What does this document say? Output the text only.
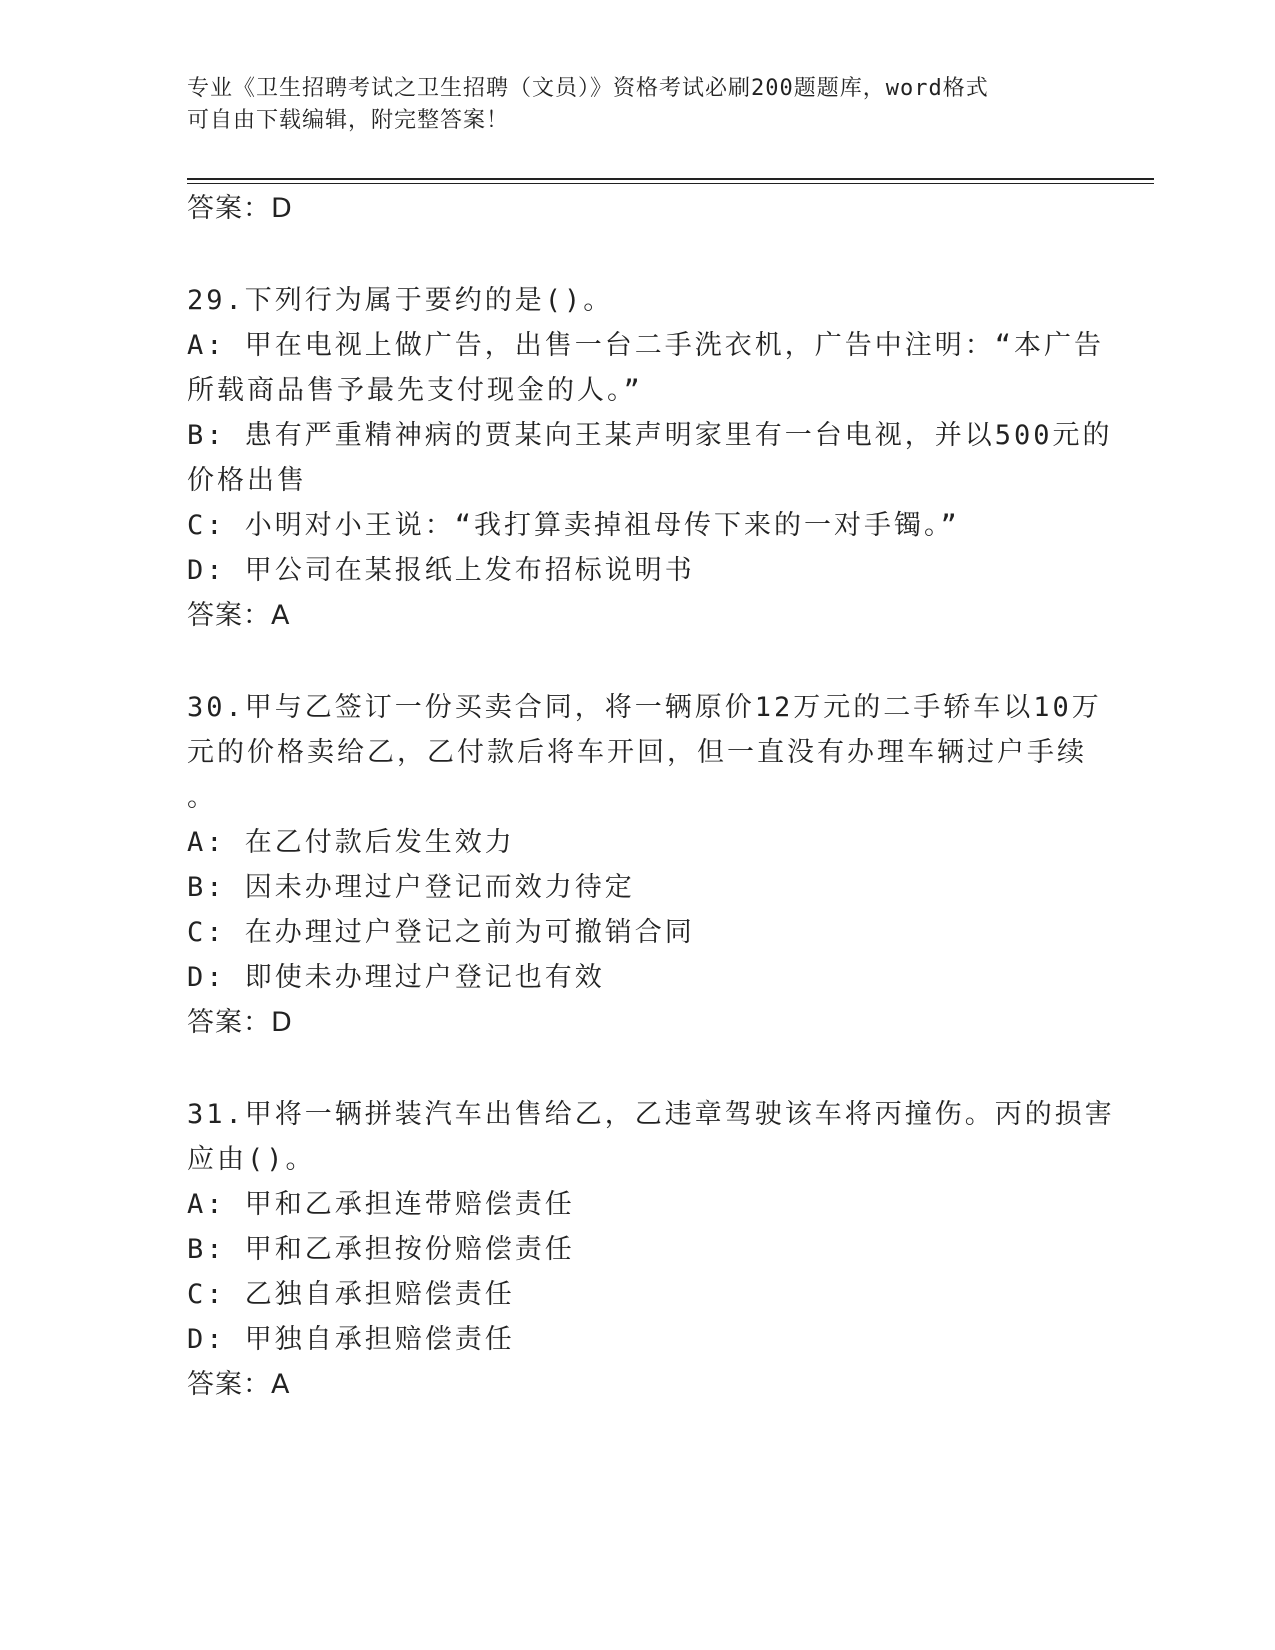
专业《卫生招聘考试之卫生招聘（文员）》资格考试必刷200题题库，word格式
可自由下载编辑，附完整答案！
答案：D
29.下列行为属于要约的是()。
A: 甲在电视上做广告，出售一台二手洗衣机，广告中注明：“本广告
所载商品售予最先支付现金的人。”
B: 患有严重精神病的贾某向王某声明家里有一台电视，并以500元的
价格出售
C: 小明对小王说：“我打算卖掉祖母传下来的一对手镯。”
D: 甲公司在某报纸上发布招标说明书
答案：A
30.甲与乙签订一份买卖合同，将一辆原价12万元的二手轿车以10万
元的价格卖给乙，乙付款后将车开回，但一直没有办理车辆过户手续
。
A: 在乙付款后发生效力
B: 因未办理过户登记而效力待定
C: 在办理过户登记之前为可撤销合同
D: 即使未办理过户登记也有效
答案：D
31.甲将一辆拼装汽车出售给乙，乙违章驾驶该车将丙撞伤。丙的损害
应由()。
A: 甲和乙承担连带赔偿责任
B: 甲和乙承担按份赔偿责任
C: 乙独自承担赔偿责任
D: 甲独自承担赔偿责任
答案：A
